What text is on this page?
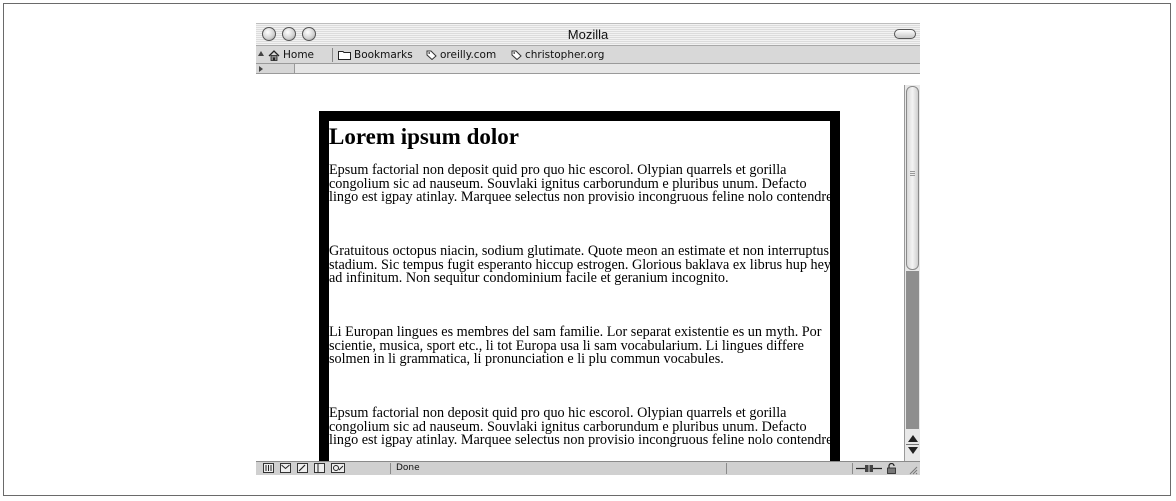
Mozilla
Home	Bookmarks	oreilly.com	christopher.org
Lorem ipsum dolor

Epsum factorial non deposit quid pro quo hic escorol. Olypian quarrels et gorilla congolium sic ad nauseum. Souvlaki ignitus carborundum e pluribus unum. Defacto lingo est igpay atinlay. Marquee selectus non provisio incongruous feline nolo contendre.

Gratuitous octopus niacin, sodium glutimate. Quote meon an estimate et non interruptus stadium. Sic tempus fugit esperanto hiccup estrogen. Glorious baklava ex librus hup hey ad infinitum. Non sequitur condominium facile et geranium incognito.

Li Europan lingues es membres del sam familie. Lor separat existentie es un myth. Por scientie, musica, sport etc., li tot Europa usa li sam vocabularium. Li lingues differe solmen in li grammatica, li pronunciation e li plu commun vocabules.

Epsum factorial non deposit quid pro quo hic escorol. Olypian quarrels et gorilla congolium sic ad nauseum. Souvlaki ignitus carborundum e pluribus unum. Defacto lingo est igpay atinlay. Marquee selectus non provisio incongruous feline nolo contendre.

Done
